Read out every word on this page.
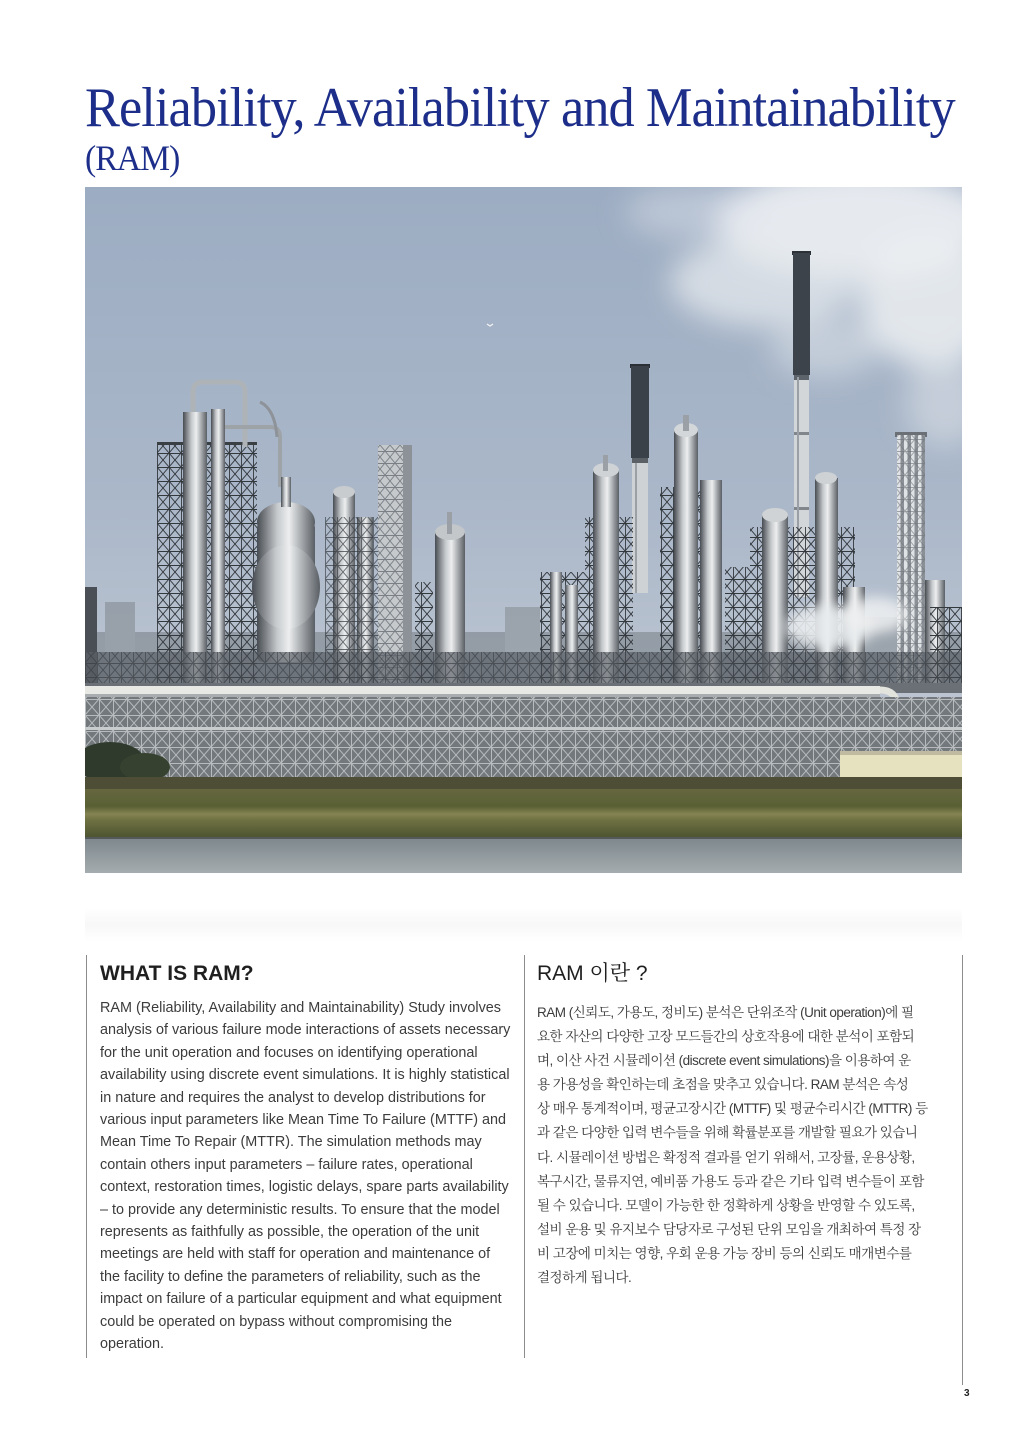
Reliability, Availability and Maintainability
(RAM)
WHAT IS RAM?
RAM (Reliability, Availability and Maintainability) Study involves
analysis of various failure mode interactions of assets necessary
for the unit operation and focuses on identifying operational
availability using discrete event simulations. It is highly statistical
in nature and requires the analyst to develop distributions for
various input parameters like Mean Time To Failure (MTTF) and
Mean Time To Repair (MTTR). The simulation methods may
contain others input parameters – failure rates, operational
context, restoration times, logistic delays, spare parts availability
– to provide any deterministic results. To ensure that the model
represents as faithfully as possible, the operation of the unit
meetings are held with staff for operation and maintenance of
the facility to define the parameters of reliability, such as the
impact on failure of a particular equipment and what equipment
could be operated on bypass without compromising the
operation.
RAM 이란 ?
RAM (신뢰도, 가용도, 정비도) 분석은 단위조작 (Unit operation)에 필
요한 자산의 다양한 고장 모드들간의 상호작용에 대한 분석이 포함되
며, 이산 사건 시뮬레이션 (discrete event simulations)을 이용하여 운
용 가용성을 확인하는데 초점을 맞추고 있습니다. RAM 분석은 속성
상 매우 통계적이며, 평균고장시간 (MTTF) 및 평균수리시간 (MTTR) 등
과 같은 다양한 입력 변수들을 위해 확률분포를 개발할 필요가 있습니
다. 시뮬레이션 방법은 확정적 결과를 얻기 위해서, 고장률, 운용상황,
복구시간, 물류지연, 예비품 가용도 등과 같은 기타 입력 변수들이 포함
될 수 있습니다. 모델이 가능한 한 정확하게 상황을 반영할 수 있도록,
설비 운용 및 유지보수 담당자로 구성된 단위 모임을 개최하여 특정 장
비 고장에 미치는 영향, 우회 운용 가능 장비 등의 신뢰도 매개변수를
결정하게 됩니다.
3
